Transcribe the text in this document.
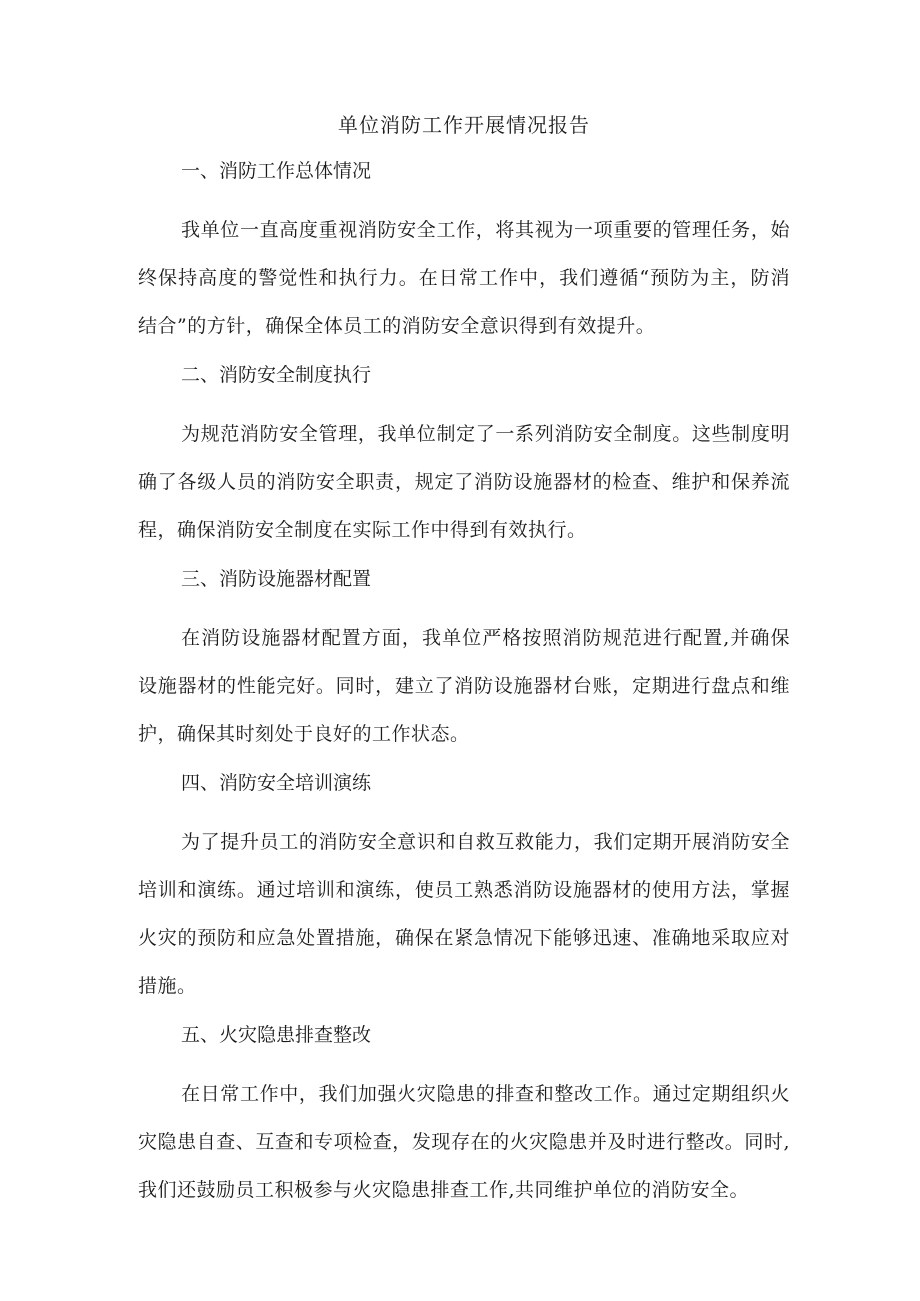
单位消防工作开展情况报告

一、消防工作总体情况

我单位一直高度重视消防安全工作，将其视为一项重要的管理任务，始终保持高度的警觉性和执行力。在日常工作中，我们遵循“预防为主，防消结合”的方针，确保全体员工的消防安全意识得到有效提升。

二、消防安全制度执行

为规范消防安全管理，我单位制定了一系列消防安全制度。这些制度明确了各级人员的消防安全职责，规定了消防设施器材的检查、维护和保养流程，确保消防安全制度在实际工作中得到有效执行。

三、消防设施器材配置

在消防设施器材配置方面，我单位严格按照消防规范进行配置,并确保设施器材的性能完好。同时，建立了消防设施器材台账，定期进行盘点和维护，确保其时刻处于良好的工作状态。

四、消防安全培训演练

为了提升员工的消防安全意识和自救互救能力，我们定期开展消防安全培训和演练。通过培训和演练，使员工熟悉消防设施器材的使用方法，掌握火灾的预防和应急处置措施，确保在紧急情况下能够迅速、准确地采取应对措施。

五、火灾隐患排查整改

在日常工作中，我们加强火灾隐患的排查和整改工作。通过定期组织火灾隐患自查、互查和专项检查，发现存在的火灾隐患并及时进行整改。同时,我们还鼓励员工积极参与火灾隐患排查工作,共同维护单位的消防安全。
